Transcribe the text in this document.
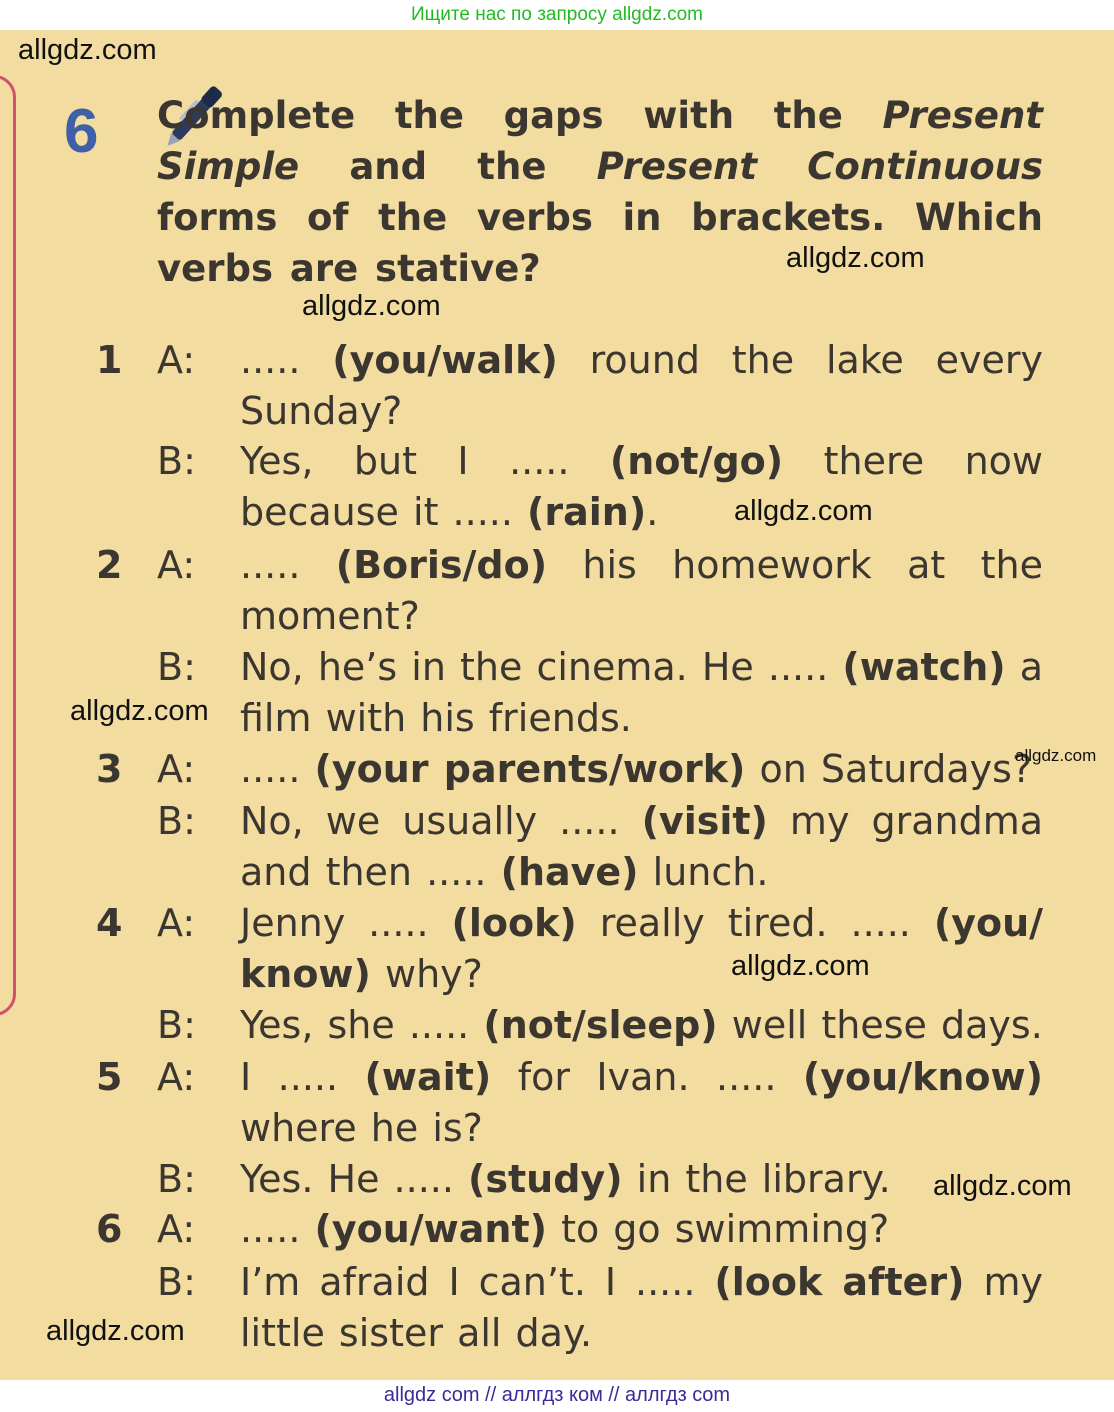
Ищите нас по запросу allgdz.com
6 Complete the gaps with the Present Simple and the Present Continuous forms of the verbs in brackets. Which verbs are stative?
1 A:	..... (you/walk) round the lake every Sunday?
B:	Yes, but I ..... (not/go) there now because it ..... (rain).
2 A:	..... (Boris/do) his homework at the moment?
B:	No, he’s in the cinema. He ..... (watch) a film with his friends.
3 A:	..... (your parents/work) on Saturdays?
B:	No, we usually ..... (visit) my grandma and then ..... (have) lunch.
4 A:	Jenny ..... (look) really tired. ..... (you/ know) why?
B:	Yes, she ..... (not/sleep) well these days.
5 A:	I ..... (wait) for Ivan. ..... (you/know) where he is?
B:	Yes. He ..... (study) in the library.
6 A:	..... (you/want) to go swimming?
B:	I’m afraid I can’t. I ..... (look after) my little sister all day.
allgdz.com
allgdz.com
allgdz.com
allgdz.com
allgdz.com
allgdz.com
allgdz.com
allgdz.com
allgdz.com
allgdz com // аллгдз ком // аллгдз com
